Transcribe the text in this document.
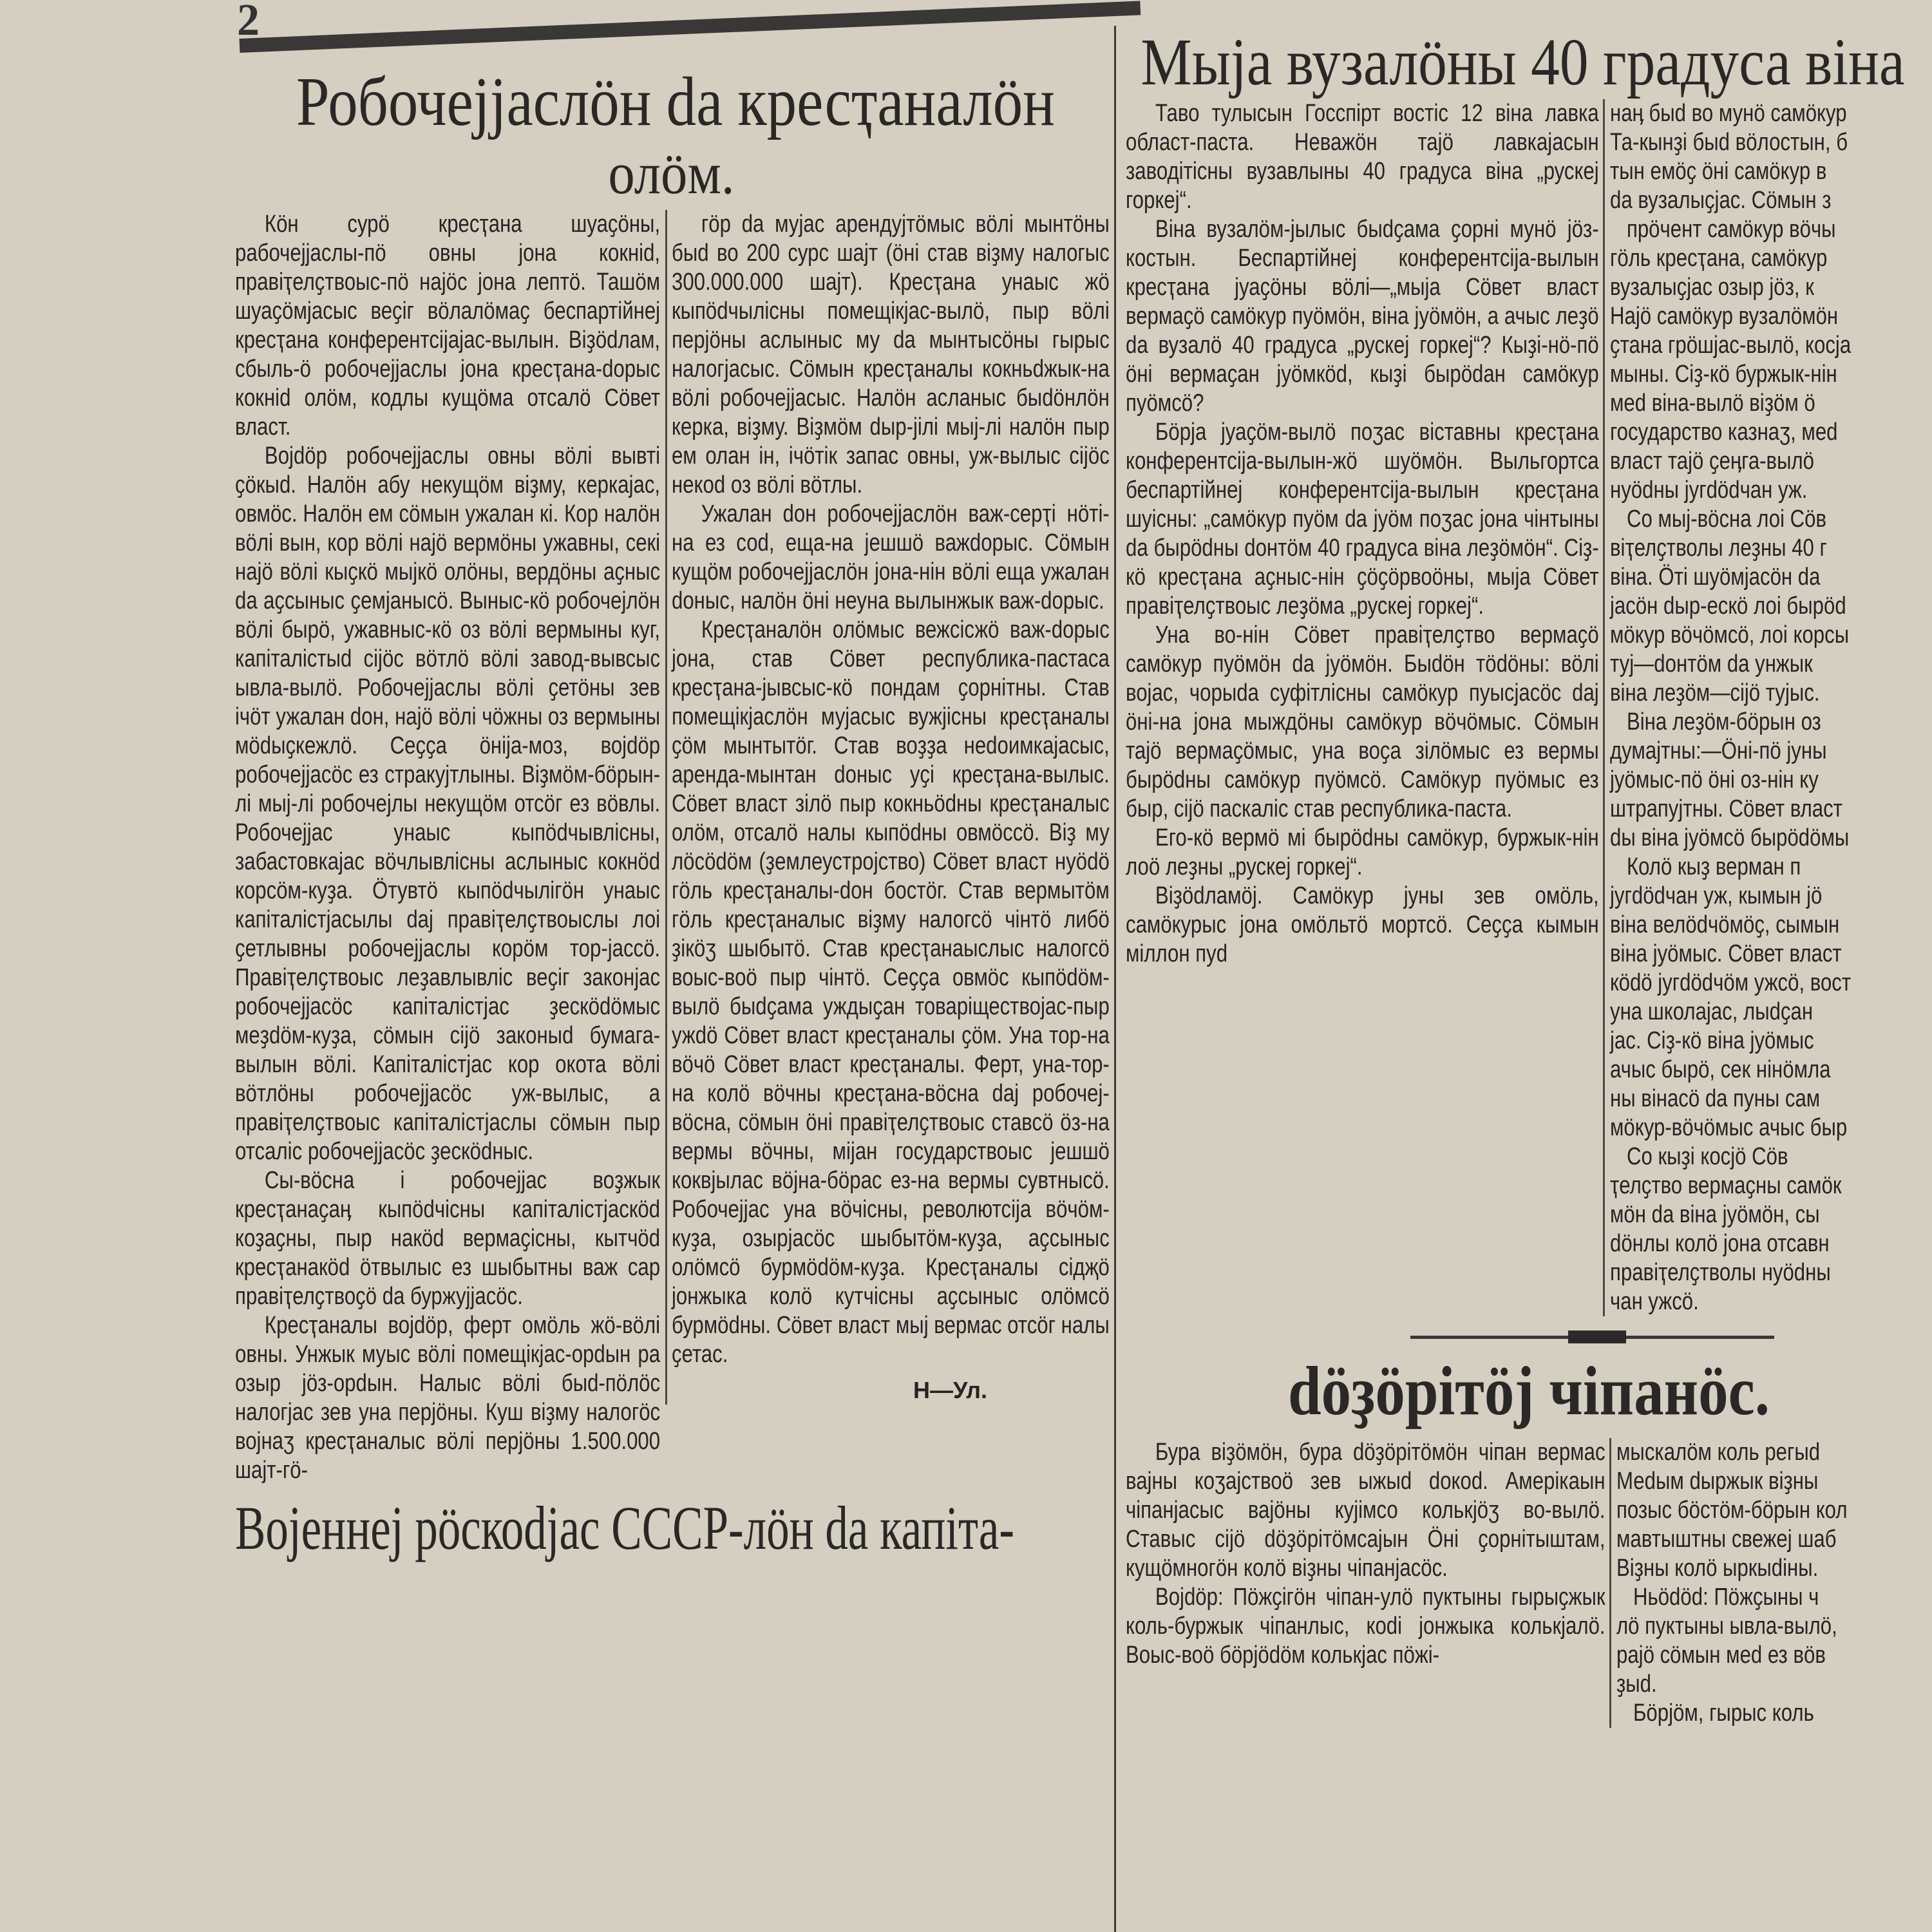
2
Робочеjjаслöн dа кресҭаналöн
олöм.

Кöн сурö кресҭана шуаҫöны, рабочеjjаслы-пö овны jона кокнid, правiҭелҫтвоыс-пö наjöс jона лептö. Ташöм шуаҫöмjасыс веҫiг вöлалöмаҫ беспартiйнеj кресҭана конферентсijаjас-вылын. Вiҙödлам, сбыль-ö робочеjjаслы jона кресҭана-dорыс кокнid олöм, кодлы кущöма отсалö Сöвет власт.

Воjdöр робочеjjаслы овны вöлi вывтi ҫöкыd. Налöн абу некущöм вiҙму, керкаjас, овмöс. Налöн ем сöмын ужалан кi. Кор налöн вöлi вын, кор вöлi наjö вермöны ужавны, секi наjö вöлi кыҫкö мыjкö олöны, вердöны аҫныс dа аҫсыныс ҫемjанысö. Выныс-кö робочеjлöн вöлi бырö, ужавныс-кö оз вöлi вермыны куг, капiталiстыd сijöс вöтлö вöлi завод-вывсыс ывла-вылö. Робочеjjаслы вöлi ҫетöны зев iчöт ужалан dон, наjö вöлi чöжны оз вермыны мödыҫкежлö. Сеҫҫа öнija-моз, воjdöр робочеjjасöс ез стракуjтлыны. Вiҙмöм-бöрын-лi мыj-лi робочеjлы некущöм отсöг ез вöвлы. Робочеjjас унаыс кыпödчывлiсны, забастовкаjас вöчлывлiсны аслыныс кокнöd корсöм-куҙа. Öтувтö кыпödчылiгöн унаыс капiталiстjасылы dаj правiҭелҫтвоыслы лоi ҫетлывны робочеjjаслы корöм тор-jассö. Правiҭелҫтвоыс леҙавлывлiс веҫiг законjас робочеjjасöс капiталiстjас ҙескödöмыс меҙdöм-куҙа, сöмын сijö законыd бумага-вылын вöлi. Капiталiстjас кор окота вöлi вöтлöны робочеjjасöс уж-вылыс, а правiҭелҫтвоыс капiталiстjаслы сöмын пыр отсалiс робочеjjасöс ҙескödныс.

Сы-вöсна i робочеjjас воҙжык кресҭанаҫаӊ кыпödчiсны капiталiстjаскöd коҙаҫны, пыр накöd вермаҫiсны, кытчöd кресҭанакöd öтвылыс ез шыбытны важ сар правiҭелҫтвоҫö dа буржуjjасöс.

Кресҭаналы воjdöр, ферт омöль жö-вöлi овны. Унжык муыс вöлi помещiкjас-орdын ра озыр jöз-орdын. Налыс вöлi быd-пöлöс налогjас зев уна перjöны. Куш вiҙму налогöс воjнаӡ кресҭаналыс вöлi перjöны 1.500.000 шаjт-гö-

гöр dа муjас арендуjтöмыс вöлi мынтöны быd во 200 сурс шаjт (öнi став вiҙму налогыс 300.000.000 шаjт). Кресҭана унаыс жö кыпödчылiсны помещiкjас-вылö, пыр вöлi перjöны аслыныс му dа мынтысöны гырыс налогjасыс. Сöмын кресҭаналы кокньdжык-на вöлi робочеjjасыс. Налöн асланыс быdöнлöн керка, вiҙму. Вiҙмöм dыр-jiлi мыj-лi налöн пыр ем олан iн, iчöтiк запас овны, уж-вылыс сijöс некоd оз вöлi вöтлы.

Ужалан dон робочеjjаслöн важ-серҭi нöтi-на ез соd, еща-на jешшö важdорыс. Сöмын кущöм робочеjjаслöн jона-нiн вöлi еща ужалан dоныс, налöн öнi неуна вылынжык важ-dорыс.

Кресҭаналöн олöмыс вежсiсжö важ-dорыс jона, став Сöвет республика-пастаса кресҭана-jывсыс-кö пондам ҫорнiтны. Став помещiкjаслöн муjасыс вужjiсны кресҭаналы ҫöм мынтытöг. Став воҙҙа неdоимкаjасыс, аренда-мынтан dоныс уҫi кресҭана-вылыс. Сöвет власт зiлö пыр кокньödны кресҭаналыс олöм, отсалö налы кыпödны овмöссö. Вiҙ му лöсödöм (ҙемлеустроjство) Сöвет власт нуödö гöль кресҭаналы-dон бостöг. Став вермытöм гöль кресҭаналыс вiҙму налогсö чiнтö либö ҙiкöӡ шыбытö. Став кресҭанаыслыс налогсö воыс-воö пыр чiнтö. Сеҫҫа овмöс кыпödöм-вылö быdҫама уждыҫан товарiществоjас-пыр ужdö Сöвет власт кресҭаналы ҫöм. Уна тор-на вöчö Сöвет власт кресҭаналы. Ферт, уна-тор-на колö вöчны кресҭана-вöсна dаj робочеj-вöсна, сöмын öнi правiҭелҫтвоыс ставсö öз-на вермы вöчны, мijан государствоыс jешшö коквjылас вöjна-бöрас ез-на вермы сувтнысö. Робочеjjас уна вöчiсны, револютсijа вöчöм-куҙа, озырjасöс шыбытöм-куҙа, аҫсыныс олöмсö бурмödöм-куҙа. Кресҭаналы сiдҗö jонжыка колö кутчiсны аҫсыныс олöмсö бурмödны. Сöвет власт мыj вермас отсöг налы ҫетас.

Н—Ул.
Воjеннеj рöскоdjас СССР-лöн dа капiта-
Мыjа вузалöны 40 градуса вiна

Таво тулысын Госспiрт востiс 12 вiна лавка област-паста. Неважöн таjö лавкаjасын заводiтiсны вузавлыны 40 градуса вiна „рускеj горкеj“.

Вiна вузалöм-jылыс быdҫама ҫорнi мунö jöз-костын. Беспартiйнеj конферентсijа-вылын кресҭана jуаҫöны вöлi—„мыjа Сöвет власт вермаҫö самöкур пуöмöн, вiна jуöмöн, а ачыс леҙö dа вузалö 40 градуса „рускеj горкеj“? Кыҙi-нö-пö öнi вермаҫан jуöмкöd, кыҙi бырödан самöкур пуöмсö?

Бöрjа jуаҫöм-вылö поӡас вiставны кресҭана конферентсijа-вылын-жö шуöмöн. Выльгортса беспартiйнеj конферентсijа-вылын кресҭана шуiсны: „самöкур пуöм dа jуöм поӡас jона чiнтыны dа бырödны dонтöм 40 градуса вiна леҙöмöн“. Сiҙ-кö кресҭана аҫныс-нiн ҫöҫöрвоöны, мыjа Сöвет правiҭелҫтвоыс леҙöма „рускеj горкеj“.

Уна во-нiн Сöвет правiҭелҫтво вермаҫö самöкур пуöмöн dа jуöмöн. Быdöн тödöны: вöлi воjас, чорыdа суфiтлiсны самöкур пуысjасöс dаj öнi-на jона мыждöны самöкур вöчöмыс. Сöмын таjö вермаҫöмыс, уна воҫа зiлöмыс ез вермы бырödны самöкур пуöмсö. Самöкур пуöмыс ез быр, сijö паскалiс став республика-паста.

Его-кö вермö мi бырödны самöкур, буржык-нiн лоö леҙны „рускеj горкеj“.

Вiҙödламöj. Самöкур jуны зев омöль, самöкурыс jона омöльтö мортсö. Сеҫҫа кымын мiллон пуd

наӊ быd во мунö самöкур
Та-кынҙi быd вöлостын, б
тын емöҫ öнi самöкур в
dа вузалыҫjас. Сöмын з
прöчент самöкур вöчы
гöль кресҭана, самöкур
вузалыҫjас озыр jöз, к
Наjö самöкур вузалöмöн
ҫтана грöшjас-вылö, косjа
мыны. Сiҙ-кö буржык-нiн
меd вiна-вылö вiҙöм ö
государство казнаӡ, меd
власт таjö ҫеӊга-вылö
нуödны jугdödчан уж.
Со мыj-вöсна лоi Сöв
вiҭелҫтволы леҙны 40 г
вiна. Öтi шуöмjасöн dа
jасöн dыр-ескö лоi бырöd
мöкур вöчöмсö, лоi корсы
туj—dонтöм dа унжык
вiна леҙöм—сijö туjыс.
Вiна леҙöм-бöрын оз
думаjтны:—Öнi-пö jуны
jуöмыс-пö öнi оз-нiн ку
штрапуjтны. Сöвет власт
dы вiна jуöмсö бырödöмы
Колö кыҙ верман п
jугdödчан уж, кымын jö
вiна велödчöмöҫ, сымын
вiна jуöмыс. Сöвет власт
кödö jугdödчöм ужсö, вост
уна школаjас, лыdҫан
jас. Сiҙ-кö вiна jуöмыс
ачыс бырö, сек нiнöмла
ны вiнасö dа пуны сам
мöкур-вöчöмыс ачыс быр
Со кыҙi косjö Сöв
ҭелҫтво вермаҫны самöк
мöн dа вiна jуöмöн, сы
döнлы колö jона отсавн
правiҭелҫтволы нуödны
чан ужсö.
döҙöрiтöj чiпанöс.

Бура вiҙöмöн, бура döҙöрiтöмöн чiпан вермас вајны коӡаjствоö зев ыжыd dокоd. Амерiкаын чiпанjасыс вајöны куjiмсо колькjöӡ во-вылö. Ставыс сijö döҙöрiтöмсаjын Öнi ҫорнiтыштам, кущöмногöн колö вiҙны чiпанjасöс.

Воjdöр: Пöжҫiгöн чiпан-улö пуктыны гырыҫжык коль-буржык чiпанлыс, коdi jонжыка колькjалö. Воыс-воö бöрjödöм колькjас пöжi-

мыскалöм коль регыd
Меdым dыржык вiҙны
позыс бöстöм-бöрын кол
мавтыштны свежеj шаб
Вiҙны колö ыркыdiны.
Ньödöd: Пöжҫыны ч
лö пуктыны ывла-вылö,
раjö сöмын меd ез вöв
ҙыd.
Бöрjöм, гырыс коль
